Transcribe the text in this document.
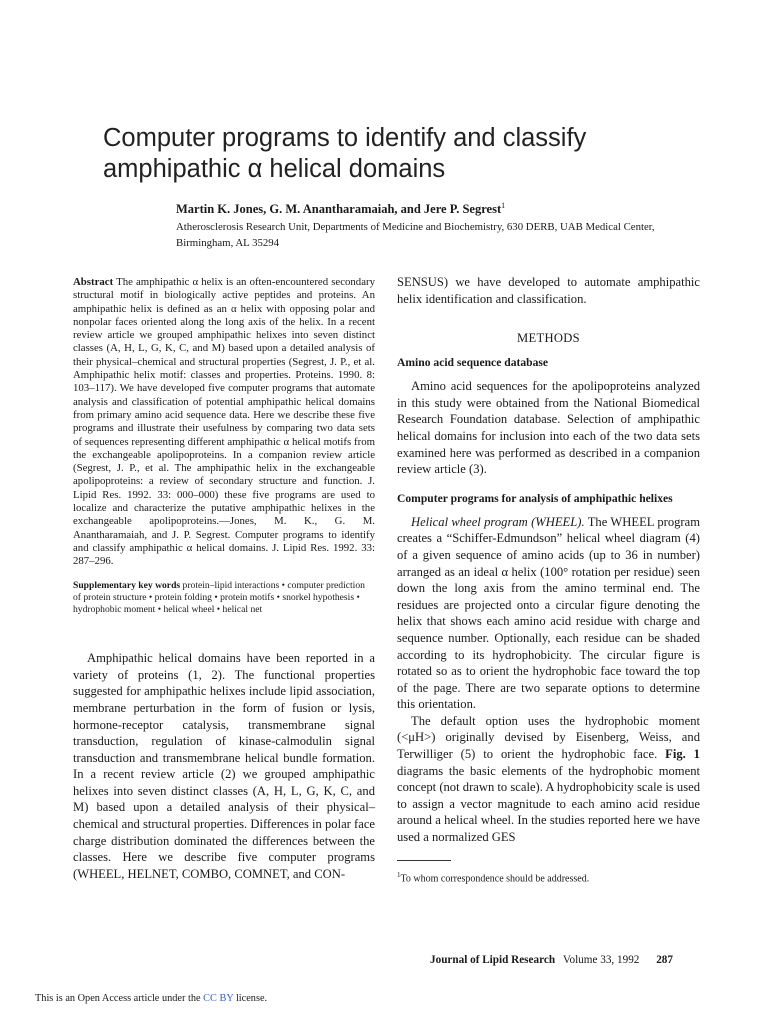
Computer programs to identify and classify
amphipathic α helical domains
Martin K. Jones, G. M. Anantharamaiah, and Jere P. Segrest$^1$
Atherosclerosis Research Unit, Departments of Medicine and Biochemistry, 630 DERB, UAB Medical Center,
Birmingham, AL 35294
Abstract The amphipathic α helix is an often-encountered secondary structural motif in biologically active peptides and proteins. An amphipathic helix is defined as an α helix with opposing polar and nonpolar faces oriented along the long axis of the helix. In a recent review article we grouped amphipathic helixes into seven distinct classes (A, H, L, G, K, C, and M) based upon a detailed analysis of their physical–chemical and structural properties (Segrest, J. P., et al. Amphipathic helix motif: classes and properties. Proteins. 1990. 8: 103–117). We have developed five computer programs that automate analysis and classification of potential amphipathic helical domains from primary amino acid sequence data. Here we describe these five programs and illustrate their usefulness by comparing two data sets of sequences representing different amphipathic α helical motifs from the exchangeable apolipoproteins. In a companion review article (Segrest, J. P., et al. The amphipathic helix in the exchangeable apolipoproteins: a review of secondary structure and function. J. Lipid Res. 1992. 33: 000–000) these five programs are used to localize and characterize the putative amphipathic helixes in the exchangeable apolipoproteins.—Jones, M. K., G. M. Anantharamaiah, and J. P. Segrest. Computer programs to identify and classify amphipathic α helical domains. J. Lipid Res. 1992. 33: 287–296.
Supplementary key words protein–lipid interactions • computer prediction of protein structure • protein folding • protein motifs • snorkel hypothesis • hydrophobic moment • helical wheel • helical net

Amphipathic helical domains have been reported in a variety of proteins (1, 2). The functional properties suggested for amphipathic helixes include lipid association, membrane perturbation in the form of fusion or lysis, hormone-receptor catalysis, transmembrane signal transduction, regulation of kinase-calmodulin signal transduction and transmembrane helical bundle formation. In a recent review article (2) we grouped amphipathic helixes into seven distinct classes (A, H, L, G, K, C, and M) based upon a detailed analysis of their physical–chemical and structural properties. Differences in polar face charge distribution dominated the differences between the classes. Here we describe five computer programs (WHEEL, HELNET, COMBO, COMNET, and CON-

SENSUS) we have developed to automate amphipathic helix identification and classification.

METHODS
Amino acid sequence database

Amino acid sequences for the apolipoproteins analyzed in this study were obtained from the National Biomedical Research Foundation database. Selection of amphipathic helical domains for inclusion into each of the two data sets examined here was performed as described in a companion review article (3).

Computer programs for analysis of amphipathic helixes

Helical wheel program (WHEEL). The WHEEL program creates a “Schiffer-Edmundson” helical wheel diagram (4) of a given sequence of amino acids (up to 36 in number) arranged as an ideal α helix (100° rotation per residue) seen down the long axis from the amino terminal end. The residues are projected onto a circular figure denoting the helix that shows each amino acid residue with charge and sequence number. Optionally, each residue can be shaded according to its hydrophobicity. The circular figure is rotated so as to orient the hydrophobic face toward the top of the page. There are two separate options to determine this orientation.

The default option uses the hydrophobic moment (<μH>) originally devised by Eisenberg, Weiss, and Terwilliger (5) to orient the hydrophobic face. Fig. 1 diagrams the basic elements of the hydrophobic moment concept (not drawn to scale). A hydrophobicity scale is used to assign a vector magnitude to each amino acid residue around a helical wheel. In the studies reported here we have used a normalized GES

$^1$To whom correspondence should be addressed.
Journal of Lipid Research Volume 33, 1992 287
This is an Open Access article under the CC BY license.
